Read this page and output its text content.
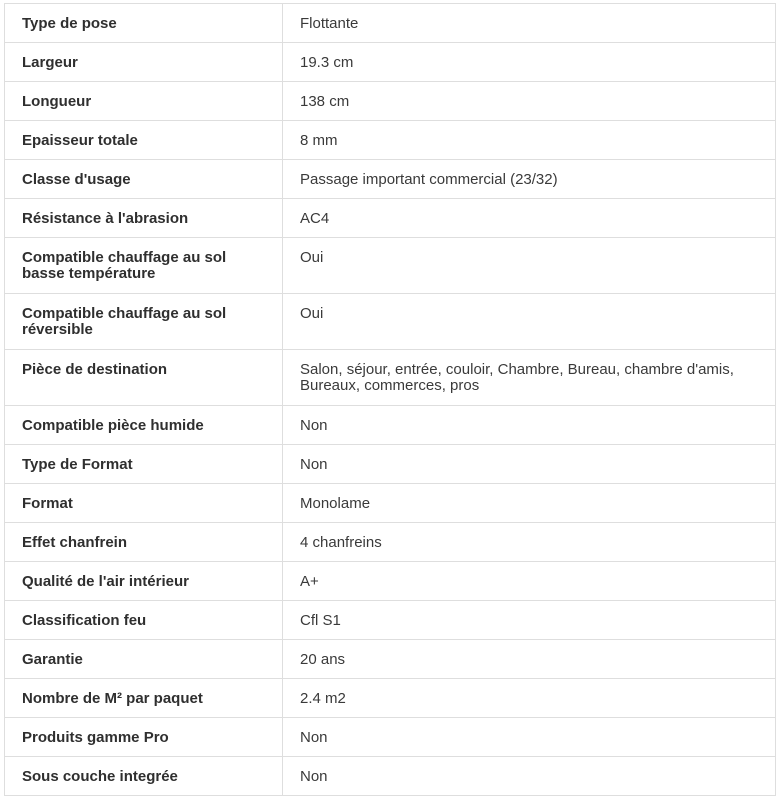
Type de pose	Flottante
Largeur	19.3 cm
Longueur	138 cm
Epaisseur totale	8 mm
Classe d'usage	Passage important commercial (23/32)
Résistance à l'abrasion	AC4
Compatible chauffage au sol basse température	Oui
Compatible chauffage au sol réversible	Oui
Pièce de destination	Salon, séjour, entrée, couloir, Chambre, Bureau, chambre d'amis, Bureaux, commerces, pros
Compatible pièce humide	Non
Type de Format	Non
Format	Monolame
Effet chanfrein	4 chanfreins
Qualité de l'air intérieur	A+
Classification feu	Cfl S1
Garantie	20 ans
Nombre de M² par paquet	2.4 m2
Produits gamme Pro	Non
Sous couche integrée	Non
